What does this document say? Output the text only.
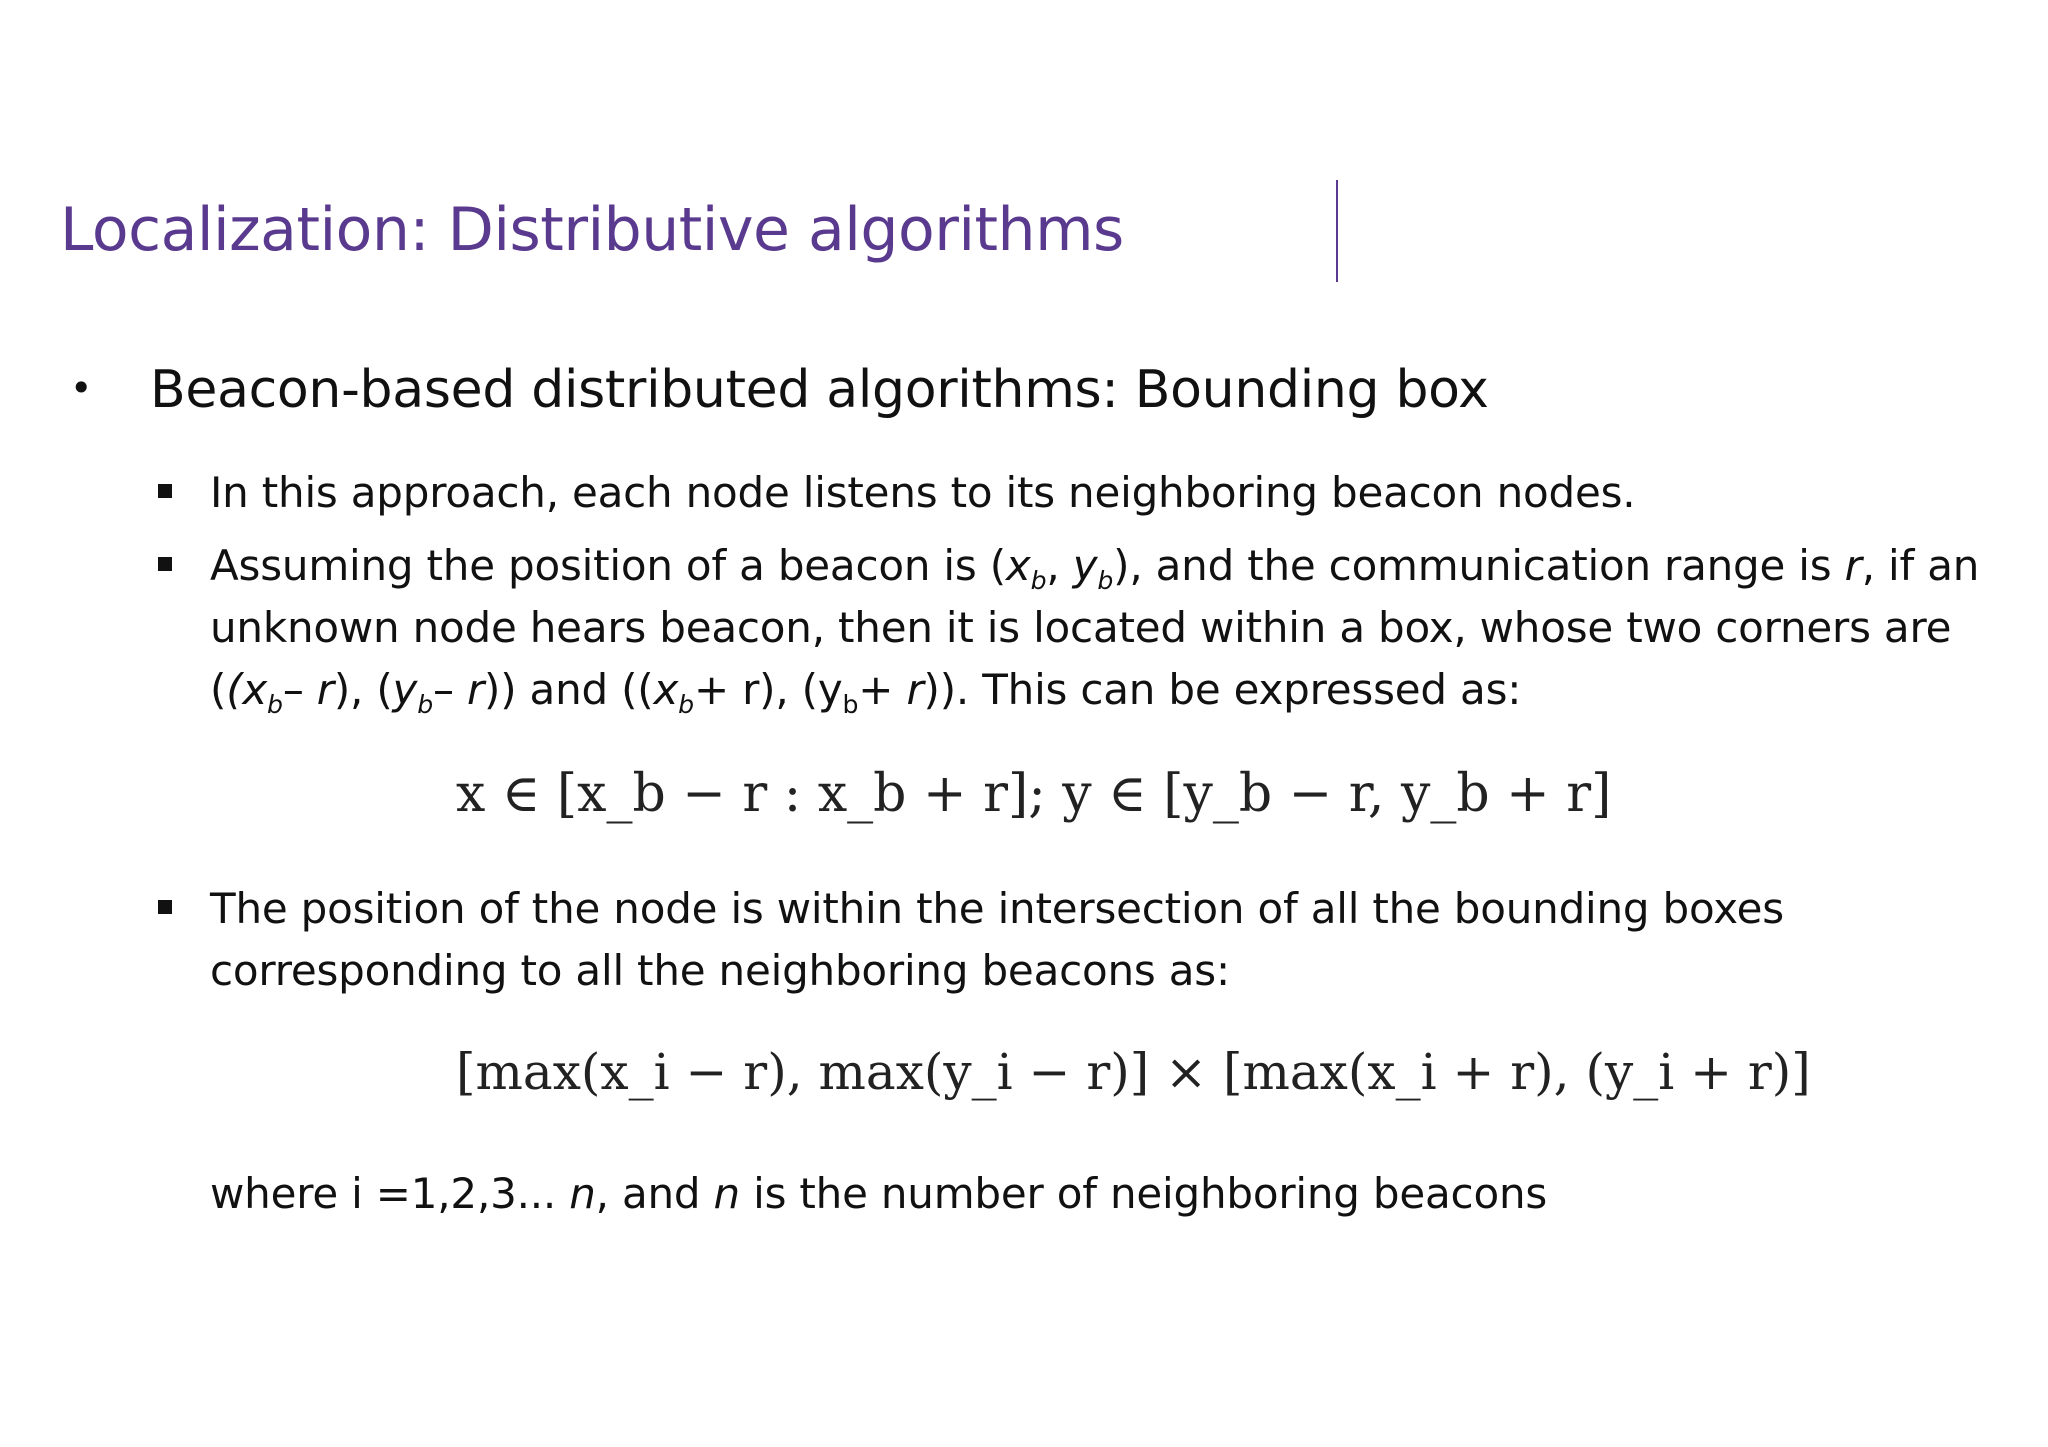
Localization: Distributive algorithms
• Beacon-based distributed algorithms: Bounding box
In this approach, each node listens to its neighboring beacon nodes.
Assuming the position of a beacon is ($x_b$, $y_b$), and the communication range is r, if an unknown node hears beacon, then it is located within a box, whose two corners are (($x_b-$ r), ($y_b-$ r)) and ($(x_b+ r)$, $(y_b+ r)$). This can be expressed as:
x ∈ [x_b − r : x_b + r]; y ∈ [y_b − r, y_b + r]
The position of the node is within the intersection of all the bounding boxes corresponding to all the neighboring beacons as:
[max(x_i − r), max(y_i − r)] × [max(x_i + r), (y_i + r)]
where i =1,2,3... n, and n is the number of neighboring beacons
